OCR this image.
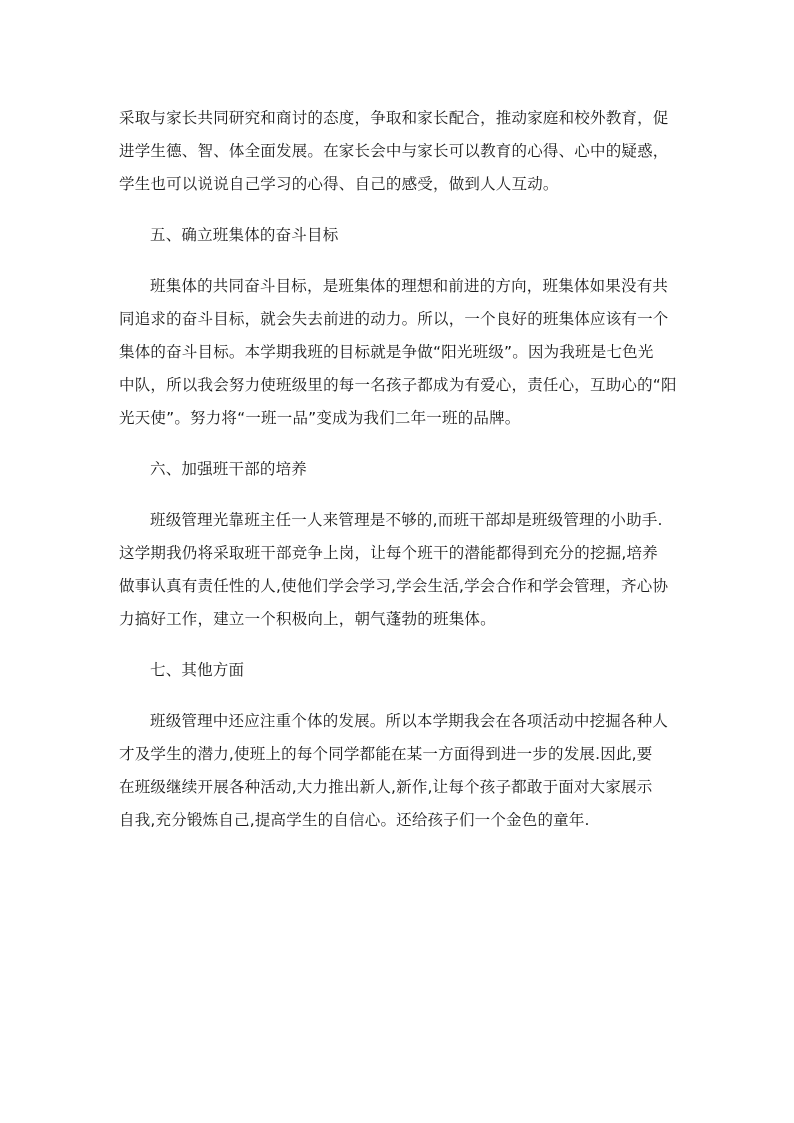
采取与家长共同研究和商讨的态度，争取和家长配合，推动家庭和校外教育，促
进学生德、智、体全面发展。在家长会中与家长可以教育的心得、心中的疑惑，
学生也可以说说自己学习的心得、自己的感受，做到人人互动。

五、确立班集体的奋斗目标

班集体的共同奋斗目标，是班集体的理想和前进的方向，班集体如果没有共
同追求的奋斗目标，就会失去前进的动力。所以，一个良好的班集体应该有一个
集体的奋斗目标。本学期我班的目标就是争做“阳光班级”。因为我班是七色光
中队，所以我会努力使班级里的每一名孩子都成为有爱心，责任心，互助心的“阳
光天使”。努力将“一班一品”变成为我们二年一班的品牌。

六、加强班干部的培养

班级管理光靠班主任一人来管理是不够的,而班干部却是班级管理的小助手.
这学期我仍将采取班干部竞争上岗，让每个班干的潜能都得到充分的挖掘,培养
做事认真有责任性的人,使他们学会学习,学会生活,学会合作和学会管理，齐心协
力搞好工作，建立一个积极向上，朝气蓬勃的班集体。

七、其他方面

班级管理中还应注重个体的发展。所以本学期我会在各项活动中挖掘各种人
才及学生的潜力,使班上的每个同学都能在某一方面得到进一步的发展.因此,要
在班级继续开展各种活动,大力推出新人,新作,让每个孩子都敢于面对大家展示
自我,充分锻炼自己,提高学生的自信心。还给孩子们一个金色的童年.
